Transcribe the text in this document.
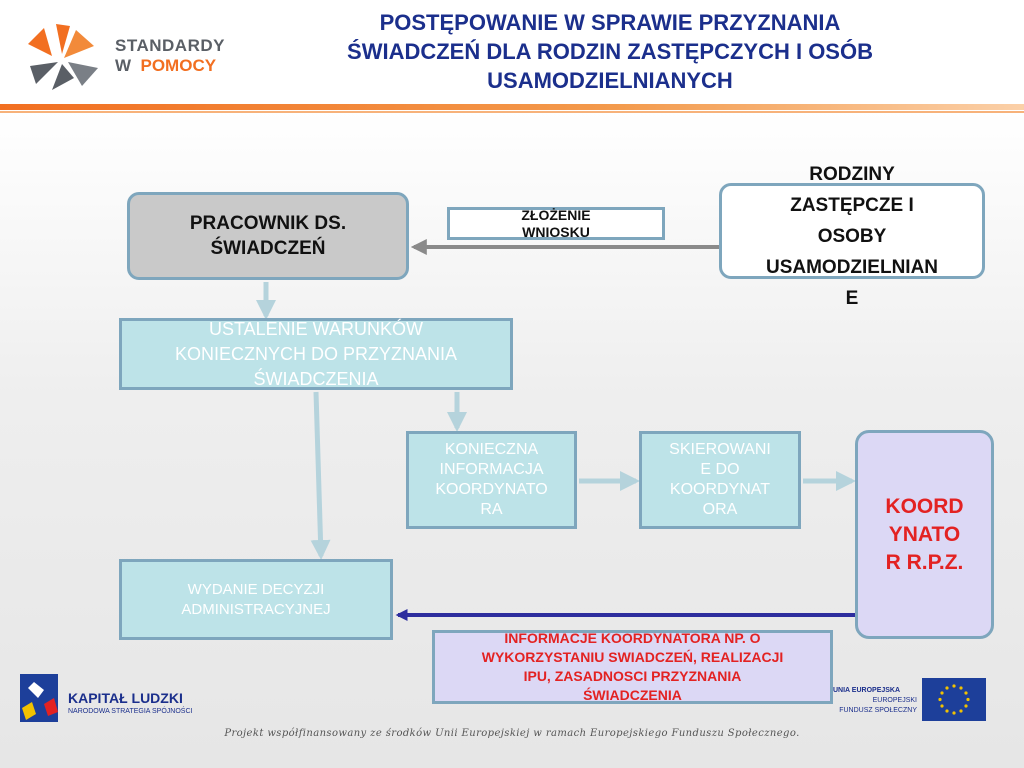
STANDARDY
W POMOCY
POSTĘPOWANIE W SPRAWIE PRZYZNANIA
ŚWIADCZEŃ DLA RODZIN ZASTĘPCZYCH I OSÓB
USAMODZIELNIANYCH
PRACOWNIK DS.
ŚWIADCZEŃ
RODZINY
ZASTĘPCZE I
OSOBY
USAMODZIELNIAN
E
ZŁOŻENIE
WNIOSKU
USTALENIE WARUNKÓW
KONIECZNYCH DO PRZYZNANIA
ŚWIADCZENIA
KONIECZNA
INFORMACJA
KOORDYNATO
RA
SKIEROWANI
E DO
KOORDYNAT
ORA
WYDANIE DECYZJI
ADMINISTRACYJNEJ
KOORD
YNATO
R R.P.Z.
INFORMACJE KOORDYNATORA NP. O
WYKORZYSTANIU SWIADCZEŃ, REALIZACJI
IPU, ZASADNOSCI PRZYZNANIA
ŚWIADCZENIA
KAPITAŁ LUDZKI
NARODOWA STRATEGIA SPÓJNOŚCI
UNIA EUROPEJSKA
EUROPEJSKI
FUNDUSZ SPOŁECZNY
Projekt współfinansowany ze środków Unii Europejskiej w ramach Europejskiego Funduszu Społecznego.
